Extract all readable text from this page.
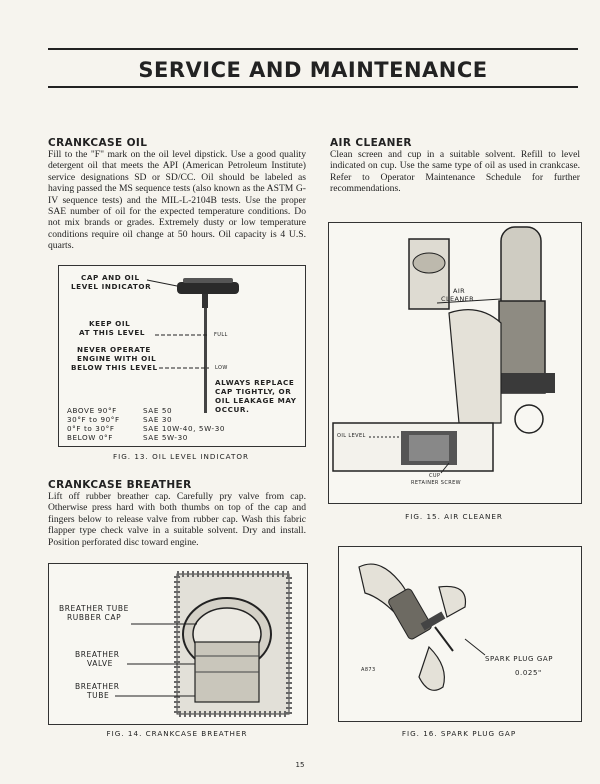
SERVICE AND MAINTENANCE
CRANKCASE OIL
Fill to the "F" mark on the oil level dipstick. Use a good quality detergent oil that meets the API (American Petroleum Institute) service designations SD or SD/CC. Oil should be labeled as having passed the MS sequence tests (also known as the ASTM G-IV sequence tests) and the MIL-L-2104B tests. Use the proper SAE number of oil for the expected temperature conditions. Do not mix brands or grades. Extremely dusty or low temperature conditions require oil change at 50 hours. Oil capacity is 4 U.S. quarts.
CAP AND OIL
LEVEL INDICATOR
KEEP OIL
AT THIS LEVEL	FULL
NEVER OPERATE
ENGINE WITH OIL
BELOW THIS LEVEL	LOW
ALWAYS REPLACE
CAP TIGHTLY, OR
OIL LEAKAGE MAY
OCCUR.
ABOVE 90°F	SAE 50
30°F to 90°F	SAE 30
0°F to 30°F	SAE 10W-40, 5W-30
BELOW 0°F	SAE 5W-30
FIG. 13. OIL LEVEL INDICATOR
CRANKCASE BREATHER
Lift off rubber breather cap. Carefully pry valve from cap. Otherwise press hard with both thumbs on top of the cap and fingers below to release valve from rubber cap. Wash this fabric flapper type check valve in a suitable solvent. Dry and install. Position perforated disc toward engine.
BREATHER TUBE
RUBBER CAP
BREATHER
VALVE
BREATHER
TUBE
FIG. 14. CRANKCASE BREATHER
AIR CLEANER
Clean screen and cup in a suitable solvent. Refill to level indicated on cup. Use the same type of oil as used in crankcase. Refer to Operator Maintenance Schedule for further recommendations.
AIR
CLEANER
OIL LEVEL
CUP
RETAINER SCREW
FIG. 15. AIR CLEANER
SPARK PLUG GAP
0.025"
A873
FIG. 16. SPARK PLUG GAP
15
